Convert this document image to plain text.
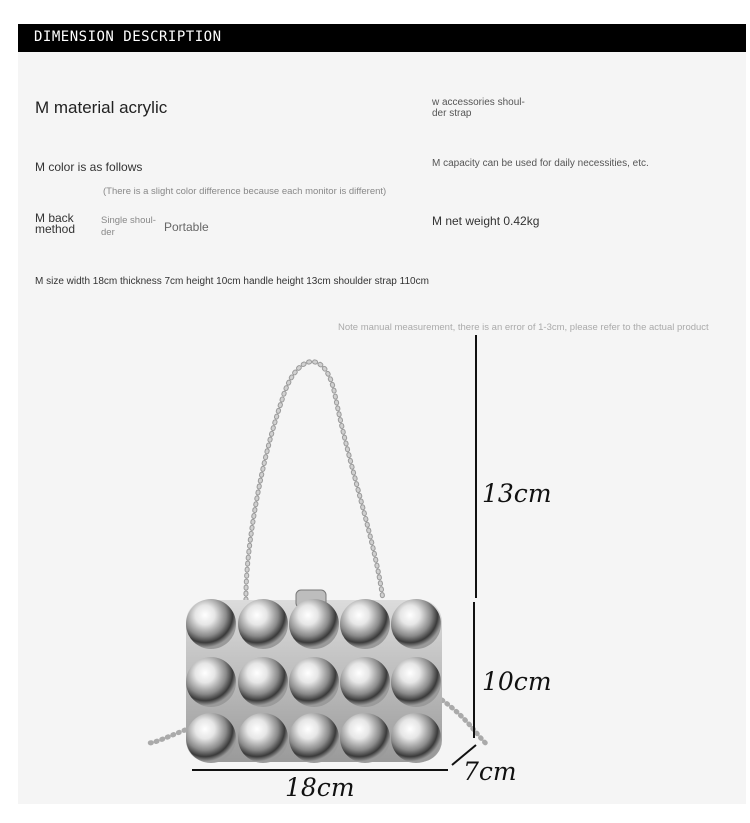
DIMENSION DESCRIPTION
M material acrylic	w accessories shoul-
der strap
M color is as follows
(There is a slight color difference because each monitor is different)
M capacity can be used for daily necessities, etc.
M back
method
Single shoul-
der	Portable	M net weight 0.42kg
M size width 18cm thickness 7cm height 10cm handle height 13cm shoulder strap 110cm
Note manual measurement, there is an error of 1-3cm, please refer to the actual product
13cm
10cm
18cm
7cm
